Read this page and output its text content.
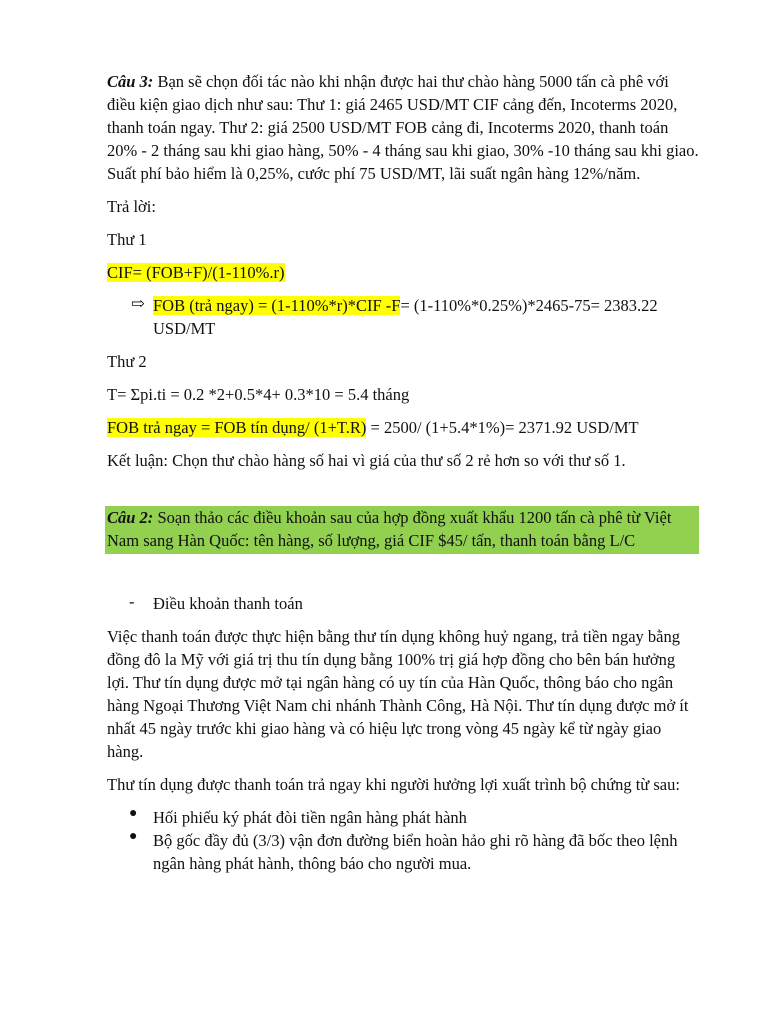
Câu 3: Bạn sẽ chọn đối tác nào khi nhận được hai thư chào hàng 5000 tấn cà phê với điều kiện giao dịch như sau: Thư 1: giá 2465 USD/MT CIF cảng đến, Incoterms 2020, thanh toán ngay. Thư 2: giá 2500 USD/MT FOB cảng đi, Incoterms 2020, thanh toán 20% - 2 tháng sau khi giao hàng, 50% - 4 tháng sau khi giao, 30% -10 tháng sau khi giao. Suất phí bảo hiểm là 0,25%, cước phí 75 USD/MT, lãi suất ngân hàng 12%/năm.

Trả lời:

Thư 1

CIF= (FOB+F)/(1-110%.r)

⇨ FOB (trả ngay) = (1-110%*r)*CIF -F= (1-110%*0.25%)*2465-75= 2383.22 USD/MT

Thư 2

T= Σpi.ti = 0.2 *2+0.5*4+ 0.3*10 = 5.4 tháng

FOB trả ngay = FOB tín dụng/ (1+T.R) = 2500/ (1+5.4*1%)= 2371.92 USD/MT

Kết luận: Chọn thư chào hàng số hai vì giá của thư số 2 rẻ hơn so với thư số 1.

Câu 2: Soạn thảo các điều khoản sau của hợp đồng xuất khẩu 1200 tấn cà phê từ Việt Nam sang Hàn Quốc: tên hàng, số lượng, giá CIF $45/ tấn, thanh toán bằng L/C

-	Điều khoản thanh toán

Việc thanh toán được thực hiện bằng thư tín dụng không huỷ ngang, trả tiền ngay bằng đồng đô la Mỹ với giá trị thu tín dụng bằng 100% trị giá hợp đồng cho bên bán hưởng lợi. Thư tín dụng được mở tại ngân hàng có uy tín của Hàn Quốc, thông báo cho ngân hàng Ngoại Thương Việt Nam chi nhánh Thành Công, Hà Nội. Thư tín dụng được mở ít nhất 45 ngày trước khi giao hàng và có hiệu lực trong vòng 45 ngày kể từ ngày giao hàng.

Thư tín dụng được thanh toán trả ngay khi người hưởng lợi xuất trình bộ chứng từ sau:

● Hối phiếu ký phát đòi tiền ngân hàng phát hành

● Bộ gốc đầy đủ (3/3) vận đơn đường biển hoàn hảo ghi rõ hàng đã bốc theo lệnh ngân hàng phát hành, thông báo cho người mua.
